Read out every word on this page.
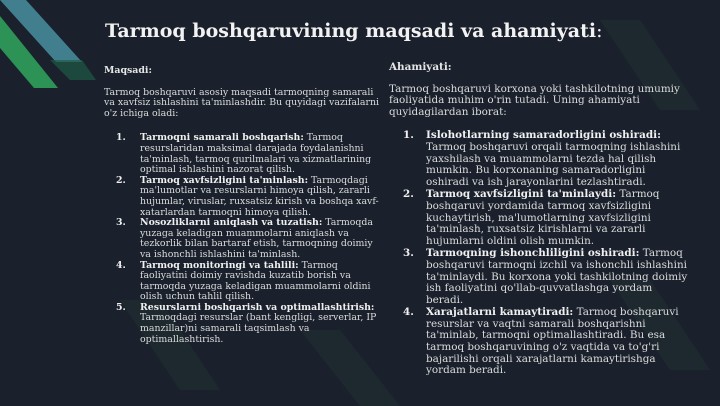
Tarmoq boshqaruvining maqsadi va ahamiyati:
Maqsadi:
Tarmoq boshqaruvi asosiy maqsadi tarmoqning samarali va xavfsiz ishlashini ta'minlashdir. Bu quyidagi vazifalarni o'z ichiga oladi:
1. Tarmoqni samarali boshqarish: Tarmoq resurslaridan maksimal darajada foydalanishni ta'minlash, tarmoq qurilmalari va xizmatlarining optimal ishlashini nazorat qilish.
2. Tarmoq xavfsizligini ta'minlash: Tarmoqdagi ma'lumotlar va resurslarni himoya qilish, zararli hujumlar, viruslar, ruxsatsiz kirish va boshqa xavf-xatarlardan tarmoqni himoya qilish.
3. Nosozliklarni aniqlash va tuzatish: Tarmoqda yuzaga keladigan muammolarni aniqlash va tezkorlik bilan bartaraf etish, tarmoqning doimiy va ishonchli ishlashini ta'minlash.
4. Tarmoq monitoringi va tahlili: Tarmoq faoliyatini doimiy ravishda kuzatib borish va tarmoqda yuzaga keladigan muammolarni oldini olish uchun tahlil qilish.
5. Resurslarni boshqarish va optimallashtirish: Tarmoqdagi resurslar (bant kengligi, serverlar, IP manzillar)ni samarali taqsimlash va optimallashtirish.
Ahamiyati:
Tarmoq boshqaruvi korxona yoki tashkilotning umumiy faoliyatida muhim o'rin tutadi. Uning ahamiyati quyidagilardan iborat:
1. Islohotlarning samaradorligini oshiradi: Tarmoq boshqaruvi orqali tarmoqning ishlashini yaxshilash va muammolarni tezda hal qilish mumkin. Bu korxonaning samaradorligini oshiradi va ish jarayonlarini tezlashtiradi.
2. Tarmoq xavfsizligini ta'minlaydi: Tarmoq boshqaruvi yordamida tarmoq xavfsizligini kuchaytirish, ma'lumotlarning xavfsizligini ta'minlash, ruxsatsiz kirishlarni va zararli hujumlarni oldini olish mumkin.
3. Tarmoqning ishonchliligini oshiradi: Tarmoq boshqaruvi tarmoqni izchil va ishonchli ishlashini ta'minlaydi. Bu korxona yoki tashkilotning doimiy ish faoliyatini qo'llab-quvvatlashga yordam beradi.
4. Xarajatlarni kamaytiradi: Tarmoq boshqaruvi resurslar va vaqtni samarali boshqarishni ta'minlab, tarmoqni optimallashtiradi. Bu esa tarmoq boshqaruvining o'z vaqtida va to'g'ri bajarilishi orqali xarajatlarni kamaytirishga yordam beradi.
